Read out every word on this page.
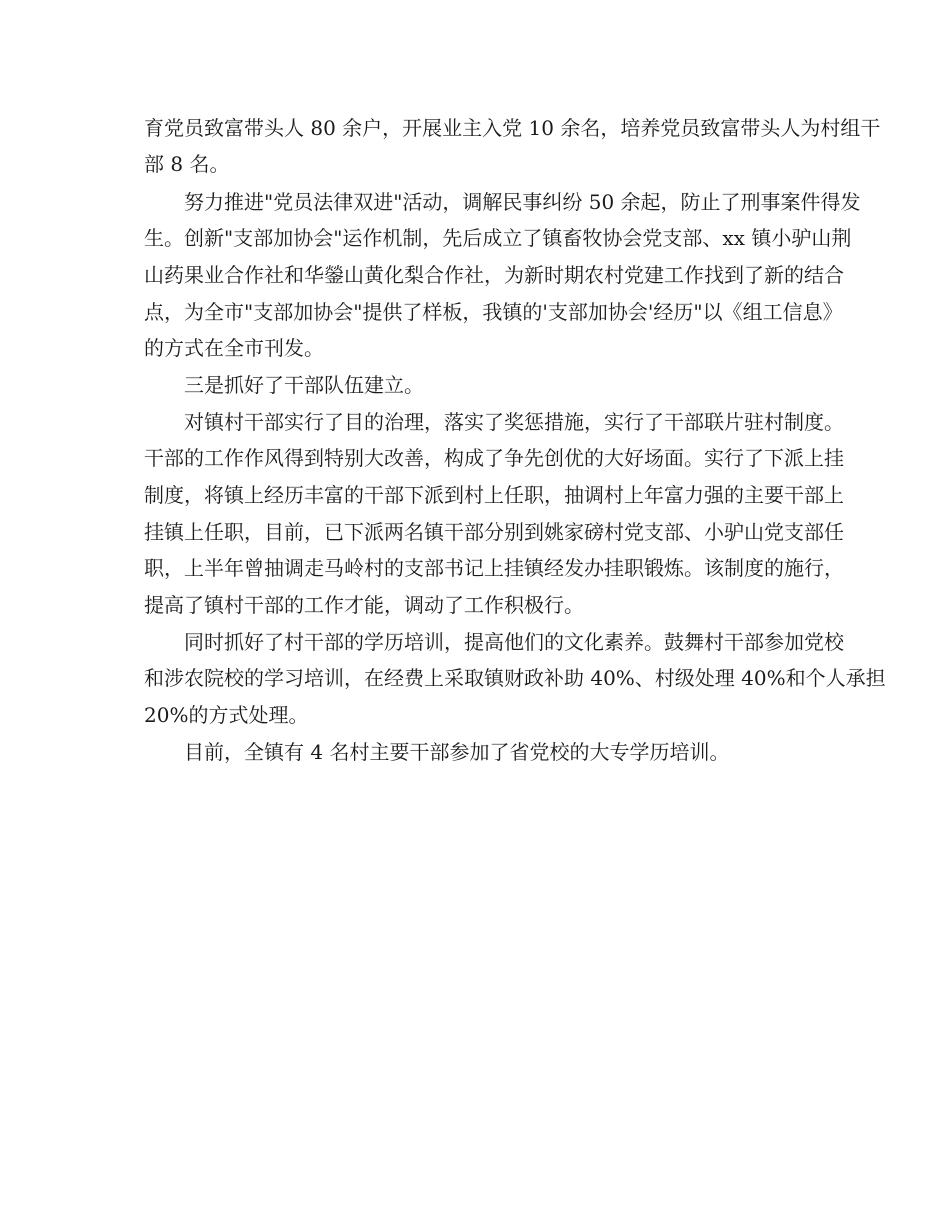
育党员致富带头人 80 余户，开展业主入党 10 余名，培养党员致富带头人为村组干
部 8 名。
努力推进"党员法律双进"活动，调解民事纠纷 50 余起，防止了刑事案件得发
生。创新"支部加协会"运作机制，先后成立了镇畜牧协会党支部、xx 镇小驴山荆
山药果业合作社和华鎣山黄化梨合作社，为新时期农村党建工作找到了新的结合
点，为全市"支部加协会"提供了样板，我镇的'支部加协会'经历"以《组工信息》
的方式在全市刊发。
三是抓好了干部队伍建立。
对镇村干部实行了目的治理，落实了奖惩措施，实行了干部联片驻村制度。
干部的工作作风得到特别大改善，构成了争先创优的大好场面。实行了下派上挂
制度，将镇上经历丰富的干部下派到村上任职，抽调村上年富力强的主要干部上
挂镇上任职，目前，已下派两名镇干部分别到姚家磅村党支部、小驴山党支部任
职，上半年曾抽调走马岭村的支部书记上挂镇经发办挂职锻炼。该制度的施行，
提高了镇村干部的工作才能，调动了工作积极行。
同时抓好了村干部的学历培训，提高他们的文化素养。鼓舞村干部参加党校
和涉农院校的学习培训，在经费上采取镇财政补助 40%、村级处理 40%和个人承担
20%的方式处理。
目前，全镇有 4 名村主要干部参加了省党校的大专学历培训。
